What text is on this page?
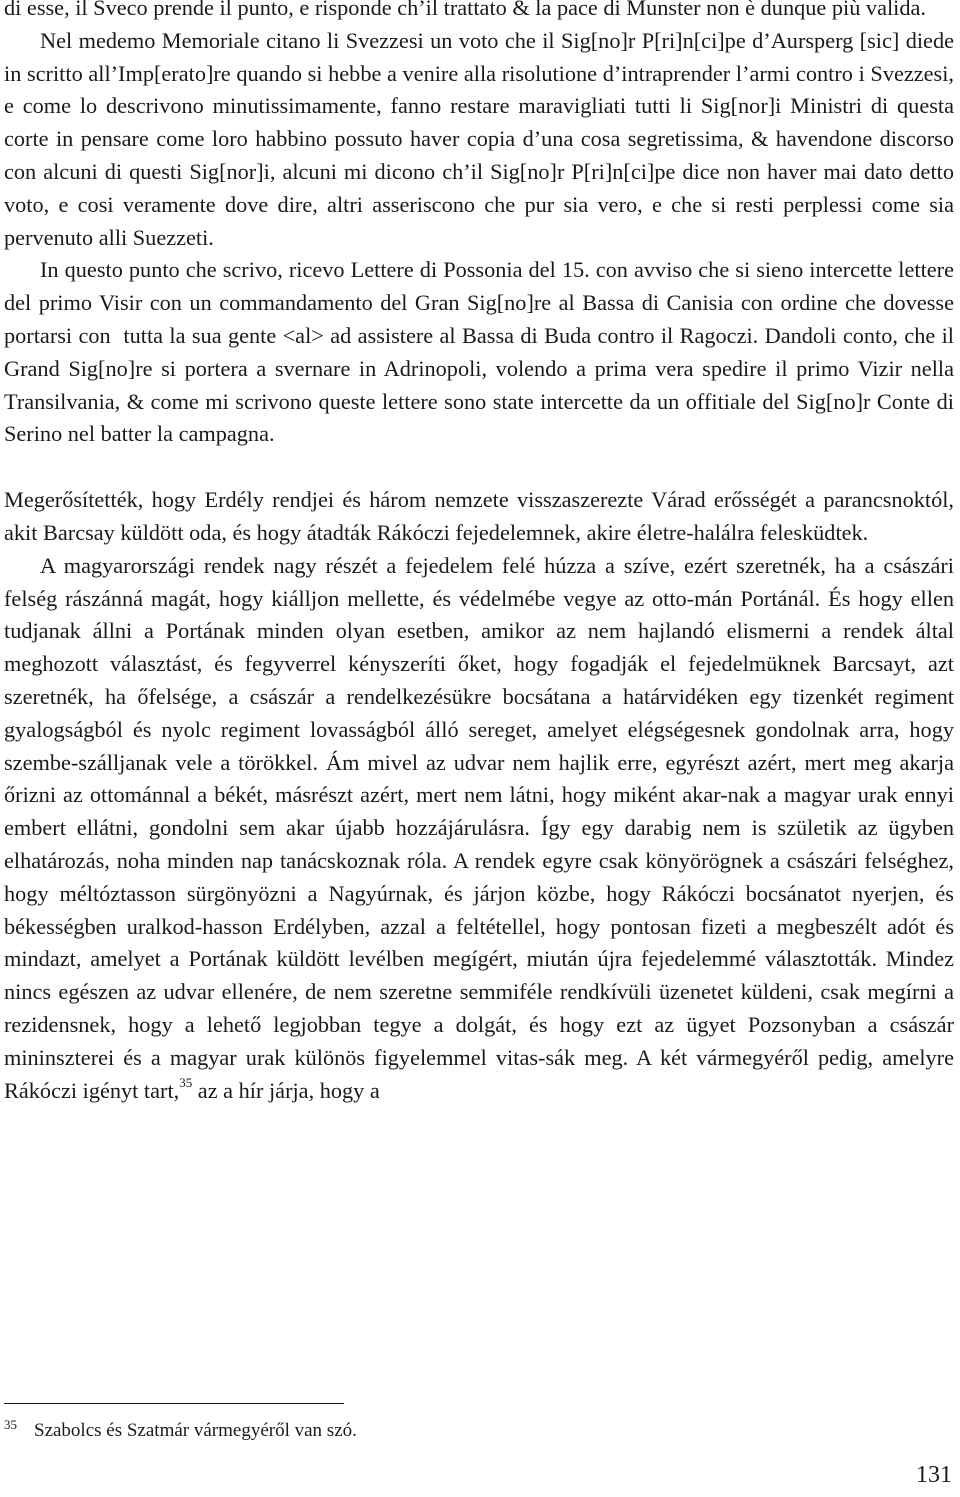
di esse, il Sveco prende il punto, e risponde ch’il trattato & la pace di Munster non è dunque più valida.

Nel medemo Memoriale citano li Svezzesi un voto che il Sig[no]r P[ri]n[ci]pe d’Aursperg [sic] diede in scritto all’Imp[erato]re quando si hebbe a venire alla risolutione d’intraprender l’armi contro i Svezzesi, e come lo descrivono minutissimamente, fanno restare maravigliati tutti li Sig[nor]i Ministri di questa corte in pensare come loro habbino possuto haver copia d’una cosa segretissima, & havendone discorso con alcuni di questi Sig[nor]i, alcuni mi dicono ch’il Sig[no]r P[ri]n[ci]pe dice non haver mai dato detto voto, e cosi veramente dove dire, altri asseriscono che pur sia vero, e che si resti perplessi come sia pervenuto alli Suezzeti.

In questo punto che scrivo, ricevo Lettere di Possonia del 15. con avviso che si sieno intercette lettere del primo Visir con un commandamento del Gran Sig[no]re al Bassa di Canisia con ordine che dovesse portarsi con  tutta la sua gente <al> ad assistere al Bassa di Buda contro il Ragoczi. Dandoli conto, che il Grand Sig[no]re si portera a svernare in Adrinopoli, volendo a prima vera spedire il primo Vizir nella Transilvania, & come mi scrivono queste lettere sono state intercette da un offitiale del Sig[no]r Conte di Serino nel batter la campagna.

Megerősítették, hogy Erdély rendjei és három nemzete visszaszerezte Várad erősségét a parancsnoktól, akit Barcsay küldött oda, és hogy átadták Rákóczi fejedelemnek, akire életre-halálra felesküdtek.

A magyarországi rendek nagy részét a fejedelem felé húzza a szíve, ezért szeretnék, ha a császári felség rászánná magát, hogy kiálljon mellette, és védelmébe vegye az otto-mán Portánál. És hogy ellen tudjanak állni a Portának minden olyan esetben, amikor az nem hajlandó elismerni a rendek által meghozott választást, és fegyverrel kényszeríti őket, hogy fogadják el fejedelmüknek Barcsayt, azt szeretnék, ha őfelsége, a császár a rendelkezésükre bocsátana a határvidéken egy tizenkét regiment gyalogságból és nyolc regiment lovasságból álló sereget, amelyet elégségesnek gondolnak arra, hogy szembe-szálljanak vele a törökkel. Ám mivel az udvar nem hajlik erre, egyrészt azért, mert meg akarja őrizni az ottománnal a békét, másrészt azért, mert nem látni, hogy miként akar-nak a magyar urak ennyi embert ellátni, gondolni sem akar újabb hozzájárulásra. Így egy darabig nem is születik az ügyben elhatározás, noha minden nap tanácskoznak róla. A rendek egyre csak könyörögnek a császári felséghez, hogy méltóztasson sürgönyözni a Nagyúrnak, és járjon közbe, hogy Rákóczi bocsánatot nyerjen, és békességben uralkod-hasson Erdélyben, azzal a feltétellel, hogy pontosan fizeti a megbeszélt adót és mindazt, amelyet a Portának küldött levélben megígért, miután újra fejedelemmé választották. Mindez nincs egészen az udvar ellenére, de nem szeretne semmiféle rendkívüli üzenetet küldeni, csak megírni a rezidensnek, hogy a lehető legjobban tegye a dolgát, és hogy ezt az ügyet Pozsonyban a császár mininszterei és a magyar urak különös figyelemmel vitas-sák meg. A két vármegyéről pedig, amelyre Rákóczi igényt tart,$^{35}$ az a hír járja, hogy a

35 Szabolcs és Szatmár vármegyéről van szó.
131
